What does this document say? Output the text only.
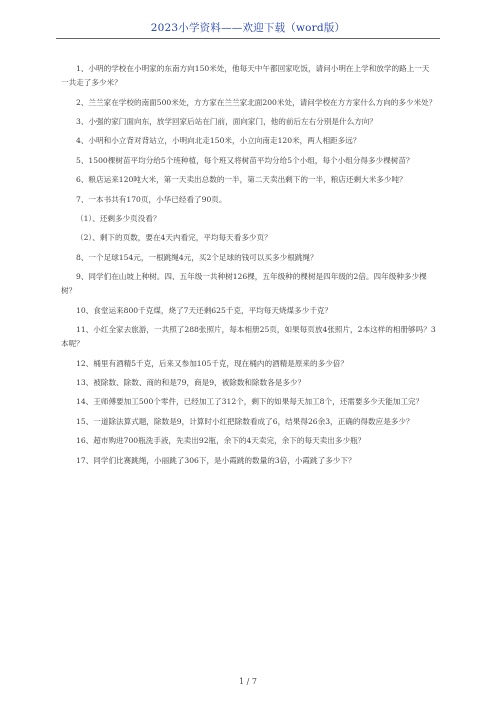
2023小学资料——欢迎下载（word版）

1、小明的学校在小明家的东南方向150米处，他每天中午都回家吃饭，请问小明在上学和放学的路上一天一共走了多少米？

2、兰兰家在学校的南面500米处，方方家在兰兰家北面200米处，请问学校在方方家什么方向的多少米处？

3、小强的家门面向东，放学回家后站在门前，面向家门，他的前后左右分别是什么方向？

4、小明和小立背对背站立，小明向北走150米，小立向南走120米，两人相距多远？

5、1500棵树苗平均分给5个班种植，每个班又将树苗平均分给5个小组，每个小组分得多少棵树苗？

6、粮店运来120吨大米，第一天卖出总数的一半，第二天卖出剩下的一半，粮店还剩大米多少吨？

7、一本书共有170页，小华已经看了90页。

（1）、还剩多少页没看？

（2）、剩下的页数，要在4天内看完，平均每天看多少页？

8、一个足球154元，一根跳绳4元，买2个足球的钱可以买多少根跳绳？

9、同学们在山坡上种树。四、五年级一共种树126棵，五年级种的棵树是四年级的2倍。四年级种多少棵树？

10、食堂运来800千克煤，烧了7天还剩625千克，平均每天烧煤多少千克？

11、小红全家去旅游，一共照了288张照片，每本相册25页，如果每页放4张照片，2本这样的相册够吗？3本呢？

12、桶里有酒精5千克，后来又参加105千克，现在桶内的酒精是原来的多少倍？

13、被除数、除数、商的和是79，商是9，被除数和除数各是多少？

14、王师傅要加工500个零件，已经加工了312个，剩下的如果每天加工8个，还需要多少天能加工完？

15、一道除法算式题，除数是9，计算时小红把除数看成了6，结果得26余3，正确的得数应是多少？

16、超市购进700瓶洗手液，先卖出92瓶，余下的4天卖完，余下的每天卖出多少瓶？

17、同学们比赛跳绳，小丽跳了306下，是小霞跳的数量的3倍，小霞跳了多少下？

1 / 7
